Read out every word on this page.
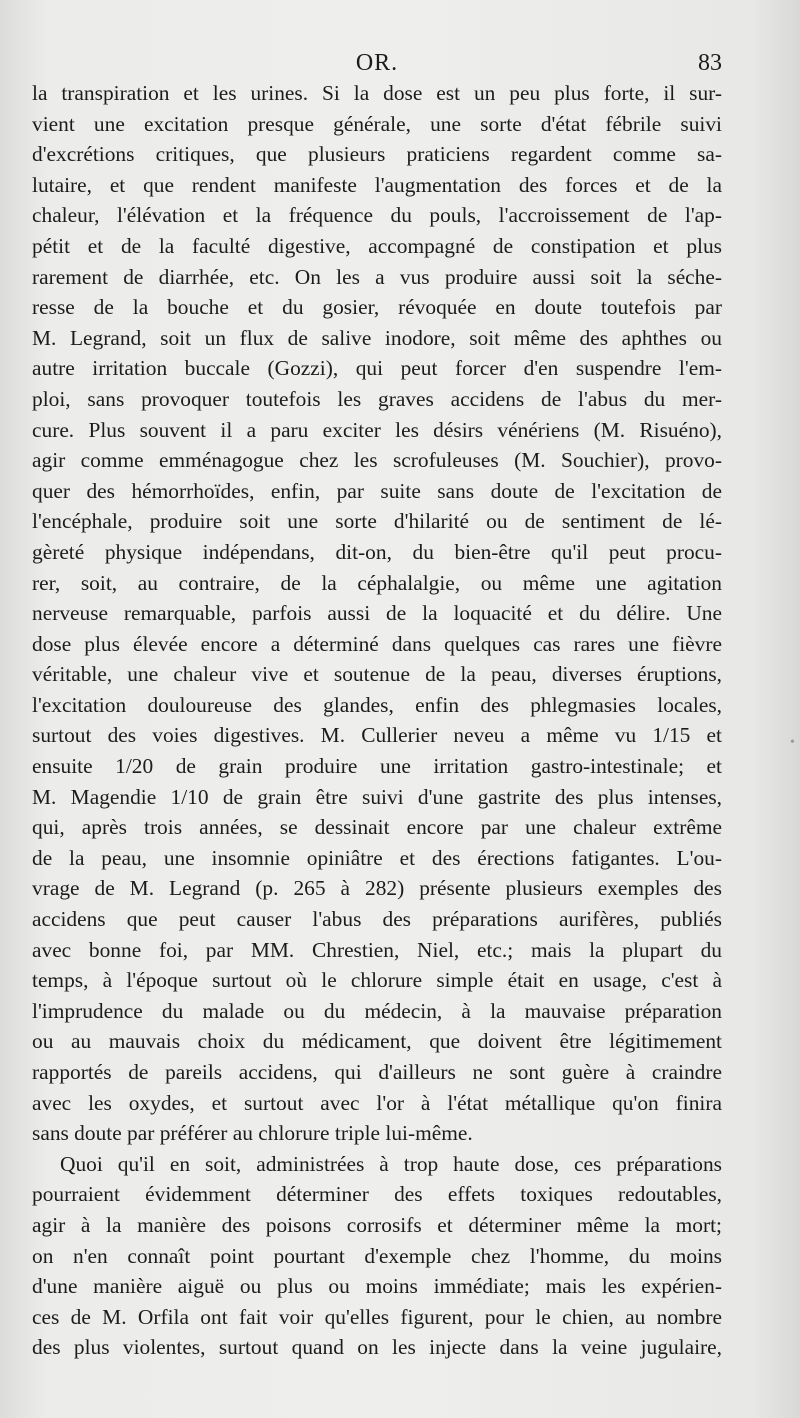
OR.	83
la transpiration et les urines. Si la dose est un peu plus forte, il sur-
vient une excitation presque générale, une sorte d'état fébrile suivi
d'excrétions critiques, que plusieurs praticiens regardent comme sa-
lutaire, et que rendent manifeste l'augmentation des forces et de la
chaleur, l'élévation et la fréquence du pouls, l'accroissement de l'ap-
pétit et de la faculté digestive, accompagné de constipation et plus
rarement de diarrhée, etc. On les a vus produire aussi soit la séche-
resse de la bouche et du gosier, révoquée en doute toutefois par
M. Legrand, soit un flux de salive inodore, soit même des aphthes ou
autre irritation buccale (Gozzi), qui peut forcer d'en suspendre l'em-
ploi, sans provoquer toutefois les graves accidens de l'abus du mer-
cure. Plus souvent il a paru exciter les désirs vénériens (M. Risuéno),
agir comme emménagogue chez les scrofuleuses (M. Souchier), provo-
quer des hémorrhoïdes, enfin, par suite sans doute de l'excitation de
l'encéphale, produire soit une sorte d'hilarité ou de sentiment de lé-
gèreté physique indépendans, dit-on, du bien-être qu'il peut procu-
rer, soit, au contraire, de la céphalalgie, ou même une agitation
nerveuse remarquable, parfois aussi de la loquacité et du délire. Une
dose plus élevée encore a déterminé dans quelques cas rares une fièvre
véritable, une chaleur vive et soutenue de la peau, diverses éruptions,
l'excitation douloureuse des glandes, enfin des phlegmasies locales,
surtout des voies digestives. M. Cullerier neveu a même vu 1/15 et
ensuite 1/20 de grain produire une irritation gastro-intestinale; et
M. Magendie 1/10 de grain être suivi d'une gastrite des plus intenses,
qui, après trois années, se dessinait encore par une chaleur extrême
de la peau, une insomnie opiniâtre et des érections fatigantes. L'ou-
vrage de M. Legrand (p. 265 à 282) présente plusieurs exemples des
accidens que peut causer l'abus des préparations aurifères, publiés
avec bonne foi, par MM. Chrestien, Niel, etc.; mais la plupart du
temps, à l'époque surtout où le chlorure simple était en usage, c'est à
l'imprudence du malade ou du médecin, à la mauvaise préparation
ou au mauvais choix du médicament, que doivent être légitimement
rapportés de pareils accidens, qui d'ailleurs ne sont guère à craindre
avec les oxydes, et surtout avec l'or à l'état métallique qu'on finira
sans doute par préférer au chlorure triple lui-même.
Quoi qu'il en soit, administrées à trop haute dose, ces préparations
pourraient évidemment déterminer des effets toxiques redoutables,
agir à la manière des poisons corrosifs et déterminer même la mort;
on n'en connaît point pourtant d'exemple chez l'homme, du moins
d'une manière aiguë ou plus ou moins immédiate; mais les expérien-
ces de M. Orfila ont fait voir qu'elles figurent, pour le chien, au nombre
des plus violentes, surtout quand on les injecte dans la veine jugulaire,
•
